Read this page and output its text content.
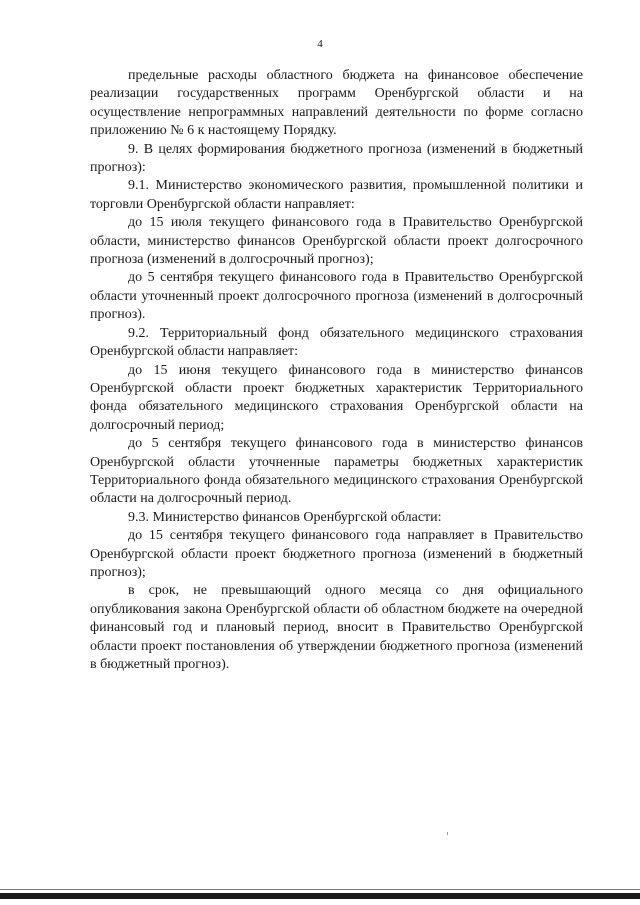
4

предельные расходы областного бюджета на финансовое обеспечение реализации государственных программ Оренбургской области и на осуществление непрограммных направлений деятельности по форме согласно приложению № 6 к настоящему Порядку.

9. В целях формирования бюджетного прогноза (изменений в бюджетный прогноз):

9.1. Министерство экономического развития, промышленной политики и торговли Оренбургской области направляет:

до 15 июля текущего финансового года в Правительство Оренбургской области, министерство финансов Оренбургской области проект долгосрочного прогноза (изменений в долгосрочный прогноз);

до 5 сентября текущего финансового года в Правительство Оренбургской области уточненный проект долгосрочного прогноза (изменений в долгосрочный прогноз).

9.2. Территориальный фонд обязательного медицинского страхования Оренбургской области направляет:

до 15 июня текущего финансового года в министерство финансов Оренбургской области проект бюджетных характеристик Территориального фонда обязательного медицинского страхования Оренбургской области на долгосрочный период;

до 5 сентября текущего финансового года в министерство финансов Оренбургской области уточненные параметры бюджетных характеристик Территориального фонда обязательного медицинского страхования Оренбургской области на долгосрочный период.

9.3. Министерство финансов Оренбургской области:

до 15 сентября текущего финансового года направляет в Правительство Оренбургской области проект бюджетного прогноза (изменений в бюджетный прогноз);

в срок, не превышающий одного месяца со дня официального опубликования закона Оренбургской области об областном бюджете на очередной финансовый год и плановый период, вносит в Правительство Оренбургской области проект постановления об утверждении бюджетного прогноза (изменений в бюджетный прогноз).
